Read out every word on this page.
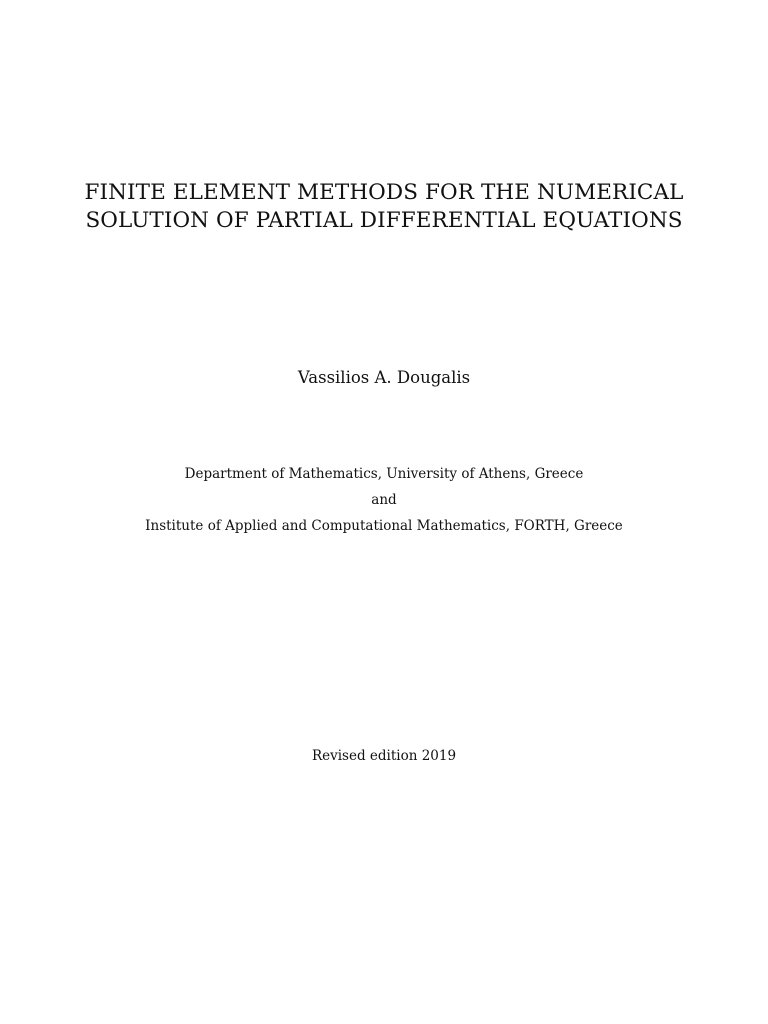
FINITE ELEMENT METHODS FOR THE NUMERICAL
SOLUTION OF PARTIAL DIFFERENTIAL EQUATIONS
Vassilios A. Dougalis
Department of Mathematics, University of Athens, Greece
and
Institute of Applied and Computational Mathematics, FORTH, Greece
Revised edition 2019
